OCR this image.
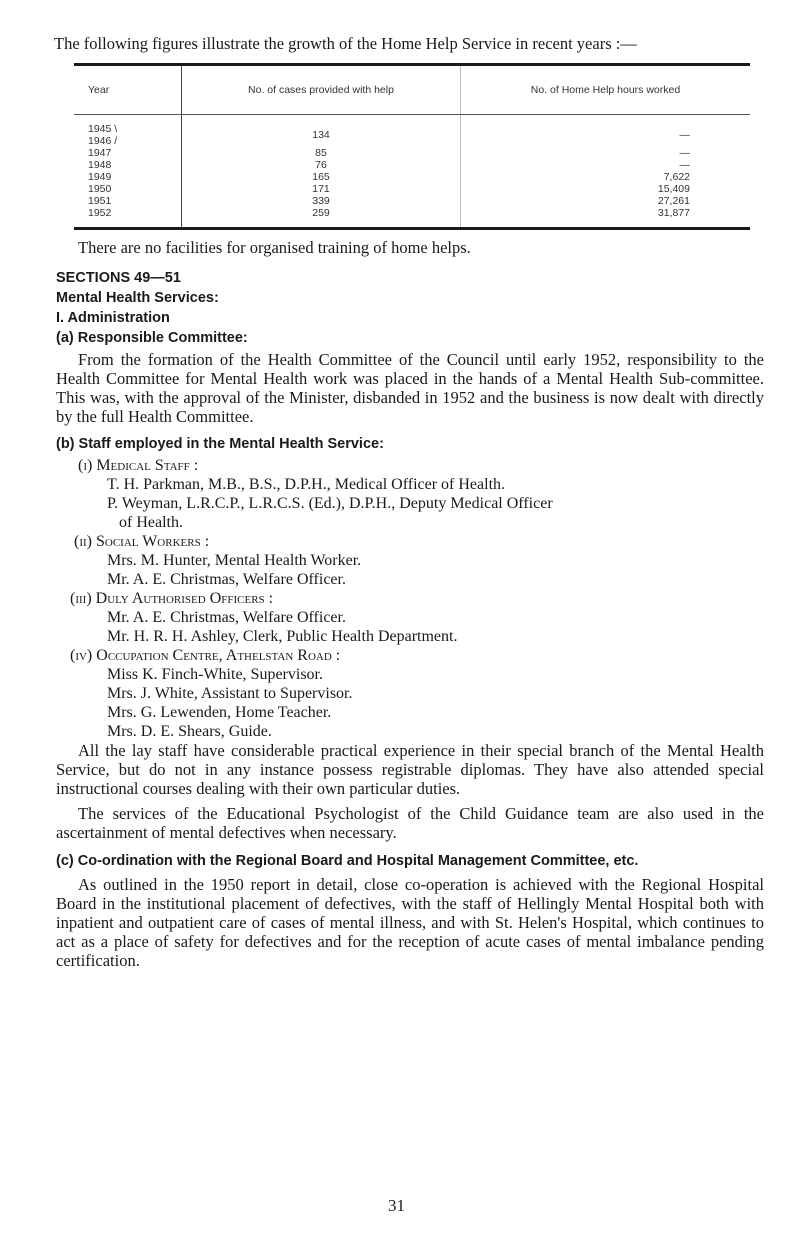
The following figures illustrate the growth of the Home Help Service in recent years :—
Year	No. of cases provided with help	No. of Home Help hours worked

1945 \
1946 /	134	—
1947	85	—
1948	76	—
1949	165	7,622
1950	171	15,409
1951	339	27,261
1952	259	31,877
There are no facilities for organised training of home helps.
SECTIONS 49—51
Mental Health Services:
I. Administration
(a) Responsible Committee:

From the formation of the Health Committee of the Council until early 1952, responsibility to the Health Committee for Mental Health work was placed in the hands of a Mental Health Sub-committee. This was, with the approval of the Minister, disbanded in 1952 and the business is now dealt with directly by the full Health Committee.

(b) Staff employed in the Mental Health Service:
(i) Medical Staff :
T. H. Parkman, M.B., B.S., D.P.H., Medical Officer of Health.
P. Weyman, L.R.C.P., L.R.C.S. (Ed.), D.P.H., Deputy Medical Officer
of Health.
(ii) Social Workers :
Mrs. M. Hunter, Mental Health Worker.
Mr. A. E. Christmas, Welfare Officer.
(iii) Duly Authorised Officers :
Mr. A. E. Christmas, Welfare Officer.
Mr. H. R. H. Ashley, Clerk, Public Health Department.
(iv) Occupation Centre, Athelstan Road :
Miss K. Finch-White, Supervisor.
Mrs. J. White, Assistant to Supervisor.
Mrs. G. Lewenden, Home Teacher.
Mrs. D. E. Shears, Guide.

All the lay staff have considerable practical experience in their special branch of the Mental Health Service, but do not in any instance possess registrable diplomas. They have also attended special instructional courses dealing with their own particular duties.

The services of the Educational Psychologist of the Child Guidance team are also used in the ascertainment of mental defectives when necessary.

(c) Co-ordination with the Regional Board and Hospital Management Committee, etc.

As outlined in the 1950 report in detail, close co-operation is achieved with the Regional Hospital Board in the institutional placement of defectives, with the staff of Hellingly Mental Hospital both with inpatient and outpatient care of cases of mental illness, and with St. Helen's Hospital, which continues to act as a place of safety for defectives and for the reception of acute cases of mental imbalance pending certification.

31
